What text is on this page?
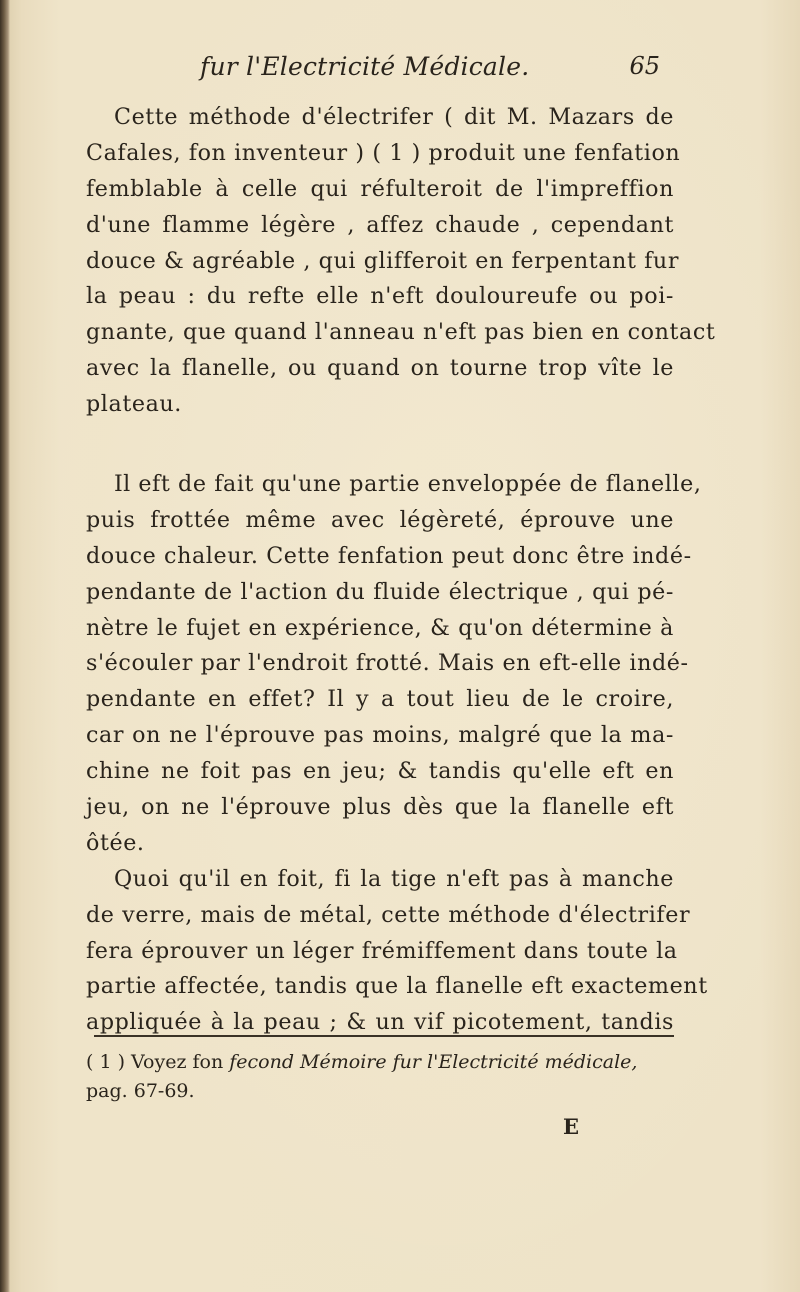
fur l'Electricité Médicale.	65
Cette méthode d'électrifer ( dit M. Mazars de
Cafales, fon inventeur ) ( 1 ) produit une fenfation
femblable à celle qui réfulteroit de l'impreffion
d'une flamme légère , affez chaude , cependant
douce & agréable , qui glifferoit en ferpentant fur
la peau : du refte elle n'eft douloureufe ou poi-
gnante, que quand l'anneau n'eft pas bien en contact
avec la flanelle, ou quand on tourne trop vîte le
plateau.
Il eft de fait qu'une partie enveloppée de flanelle,
puis frottée même avec légèreté, éprouve une
douce chaleur. Cette fenfation peut donc être indé-
pendante de l'action du fluide électrique , qui pé-
nètre le fujet en expérience, & qu'on détermine à
s'écouler par l'endroit frotté. Mais en eft-elle indé-
pendante en effet? Il y a tout lieu de le croire,
car on ne l'éprouve pas moins, malgré que la ma-
chine ne foit pas en jeu; & tandis qu'elle eft en
jeu, on ne l'éprouve plus dès que la flanelle eft
ôtée.
Quoi qu'il en foit, fi la tige n'eft pas à manche
de verre, mais de métal, cette méthode d'électrifer
fera éprouver un léger frémiffement dans toute la
partie affectée, tandis que la flanelle eft exactement
appliquée à la peau ; & un vif picotement, tandis
( 1 ) Voyez fon fecond Mémoire fur l'Electricité médicale,
pag. 67-69.
E
